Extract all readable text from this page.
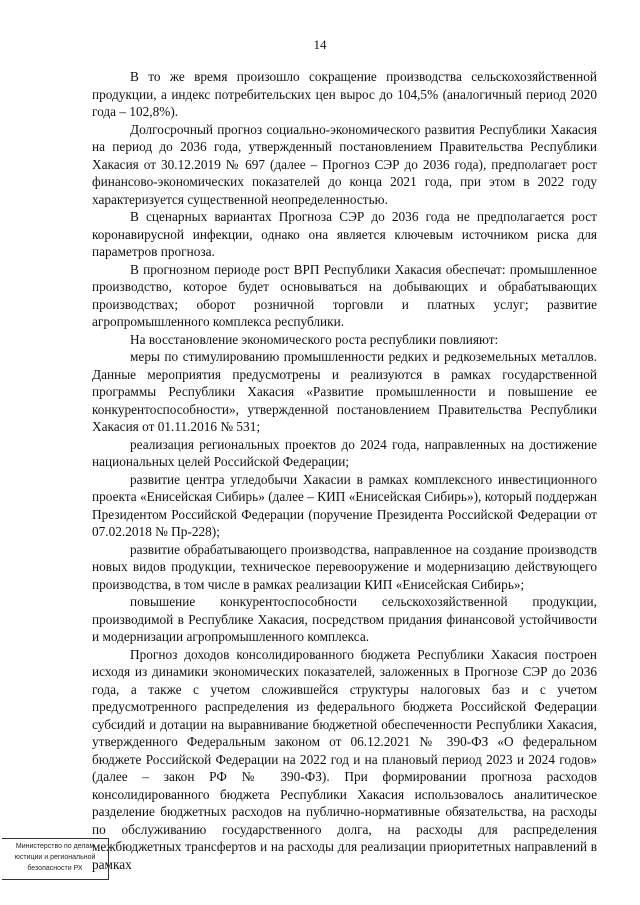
14

В то же время произошло сокращение производства сельскохозяйственной продукции, а индекс потребительских цен вырос до 104,5% (аналогичный период 2020 года – 102,8%).

Долгосрочный прогноз социально-экономического развития Республики Хакасия на период до 2036 года, утвержденный постановлением Правительства Республики Хакасия от 30.12.2019 № 697 (далее – Прогноз СЭР до 2036 года), предполагает рост финансово-экономических показателей до конца 2021 года, при этом в 2022 году характеризуется существенной неопределенностью.

В сценарных вариантах Прогноза СЭР до 2036 года не предполагается рост коронавирусной инфекции, однако она является ключевым источником риска для параметров прогноза.

В прогнозном периоде рост ВРП Республики Хакасия обеспечат: промышленное производство, которое будет основываться на добывающих и обрабатывающих производствах; оборот розничной торговли и платных услуг; развитие агропромышленного комплекса республики.

На восстановление экономического роста республики повлияют:

меры по стимулированию промышленности редких и редкоземельных металлов. Данные мероприятия предусмотрены и реализуются в рамках государственной программы Республики Хакасия «Развитие промышленности и повышение ее конкурентоспособности», утвержденной постановлением Правительства Республики Хакасия от 01.11.2016 № 531;

реализация региональных проектов до 2024 года, направленных на достижение национальных целей Российской Федерации;

развитие центра угледобычи Хакасии в рамках комплексного инвестиционного проекта «Енисейская Сибирь» (далее – КИП «Енисейская Сибирь»), который поддержан Президентом Российской Федерации (поручение Президента Российской Федерации от 07.02.2018 № Пр-228);

развитие обрабатывающего производства, направленное на создание производств новых видов продукции, техническое перевооружение и модернизацию действующего производства, в том числе в рамках реализации КИП «Енисейская Сибирь»;

повышение конкурентоспособности сельскохозяйственной продукции, производимой в Республике Хакасия, посредством придания финансовой устойчивости и модернизации агропромышленного комплекса.

Прогноз доходов консолидированного бюджета Республики Хакасия построен исходя из динамики экономических показателей, заложенных в Прогнозе СЭР до 2036 года, а также с учетом сложившейся структуры налоговых баз и с учетом предусмотренного распределения из федерального бюджета Российской Федерации субсидий и дотации на выравнивание бюджетной обеспеченности Республики Хакасия, утвержденного Федеральным законом от 06.12.2021 № 390-ФЗ «О федеральном бюджете Российской Федерации на 2022 год и на плановый период 2023 и 2024 годов» (далее – закон РФ № 390-ФЗ). При формировании прогноза расходов консолидированного бюджета Республики Хакасия использовалось аналитическое разделение бюджетных расходов на публично-нормативные обязательства, на расходы по обслуживанию государственного долга, на расходы для распределения межбюджетных трансфертов и на расходы для реализации приоритетных направлений в рамках

Министерство по делам
юстиции и региональной
безопасности РХ
